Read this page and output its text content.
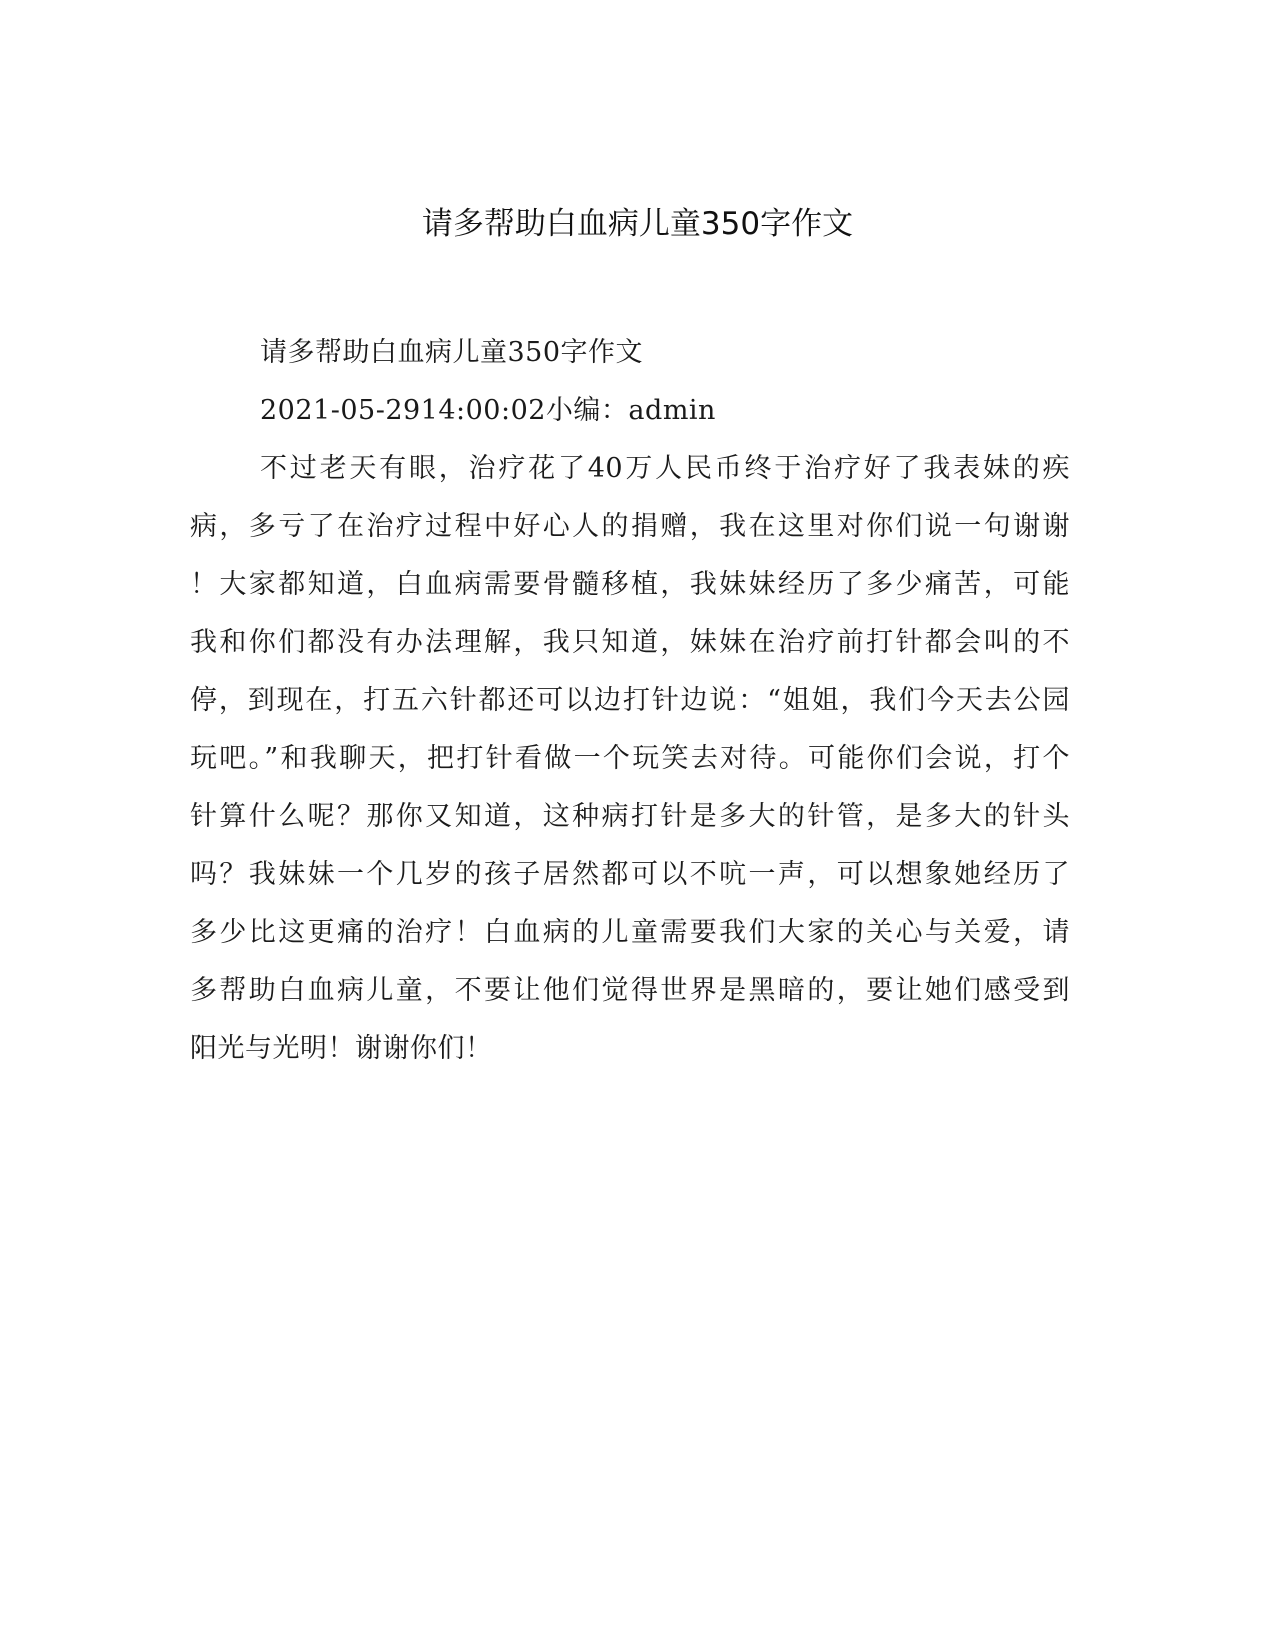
请多帮助白血病儿童350字作文

请多帮助白血病儿童350字作文

2021-05-2914:00:02小编：admin

不过老天有眼，治疗花了40万人民币终于治疗好了我表妹的疾

病，多亏了在治疗过程中好心人的捐赠，我在这里对你们说一句谢谢

！大家都知道，白血病需要骨髓移植，我妹妹经历了多少痛苦，可能

我和你们都没有办法理解，我只知道，妹妹在治疗前打针都会叫的不

停，到现在，打五六针都还可以边打针边说：“姐姐，我们今天去公园

玩吧。”和我聊天，把打针看做一个玩笑去对待。可能你们会说，打个

针算什么呢？那你又知道，这种病打针是多大的针管，是多大的针头

吗？我妹妹一个几岁的孩子居然都可以不吭一声，可以想象她经历了

多少比这更痛的治疗！白血病的儿童需要我们大家的关心与关爱，请

多帮助白血病儿童，不要让他们觉得世界是黑暗的，要让她们感受到

阳光与光明！谢谢你们！
